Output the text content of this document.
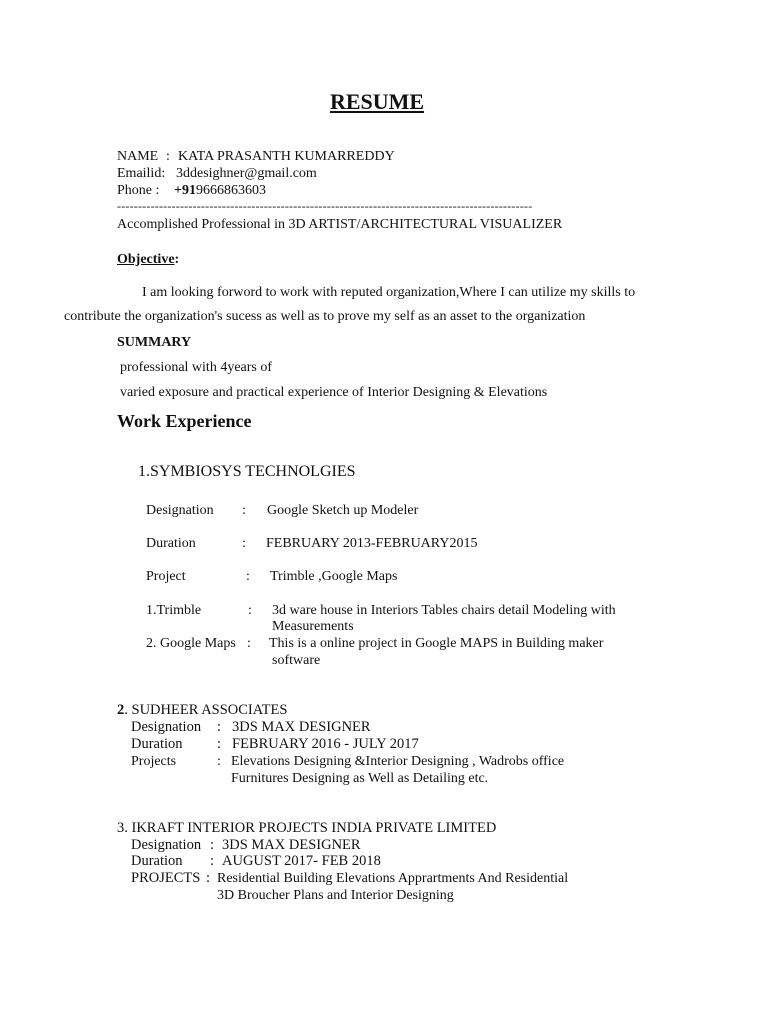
RESUME
NAME : KATA PRASANTH KUMARREDDY
Emailid: 3ddesighner@gmail.com
Phone : +919666863603
---------------------------------------------------------------------------------------------------
Accomplished Professional in 3D ARTIST/ARCHITECTURAL VISUALIZER
Objective:
I am looking forword to work with reputed organization,Where I can utilize my skills to
contribute the organization's sucess as well as to prove my self as an asset to the organization
SUMMARY
professional with 4years of
varied exposure and practical experience of Interior Designing & Elevations
Work Experience
1.SYMBIOSYS TECHNOLGIES
Designation : Google Sketch up Modeler
Duration	: FEBRUARY 2013-FEBRUARY2015
Project	: Trimble ,Google Maps
1.Trimble	: 3d ware house in Interiors Tables chairs detail Modeling with
Measurements
2. Google Maps : This is a online project in Google MAPS in Building maker
software
2. SUDHEER ASSOCIATES
Designation : 3DS MAX DESIGNER
Duration : FEBRUARY 2016 - JULY 2017
Projects	: Elevations Designing &Interior Designing , Wadrobs office
Furnitures Designing as Well as Detailing etc.
3. IKRAFT INTERIOR PROJECTS INDIA PRIVATE LIMITED
Designation : 3DS MAX DESIGNER
Duration : AUGUST 2017- FEB 2018
PROJECTS : Residential Building Elevations Apprartments And Residential
3D Broucher Plans and Interior Designing
